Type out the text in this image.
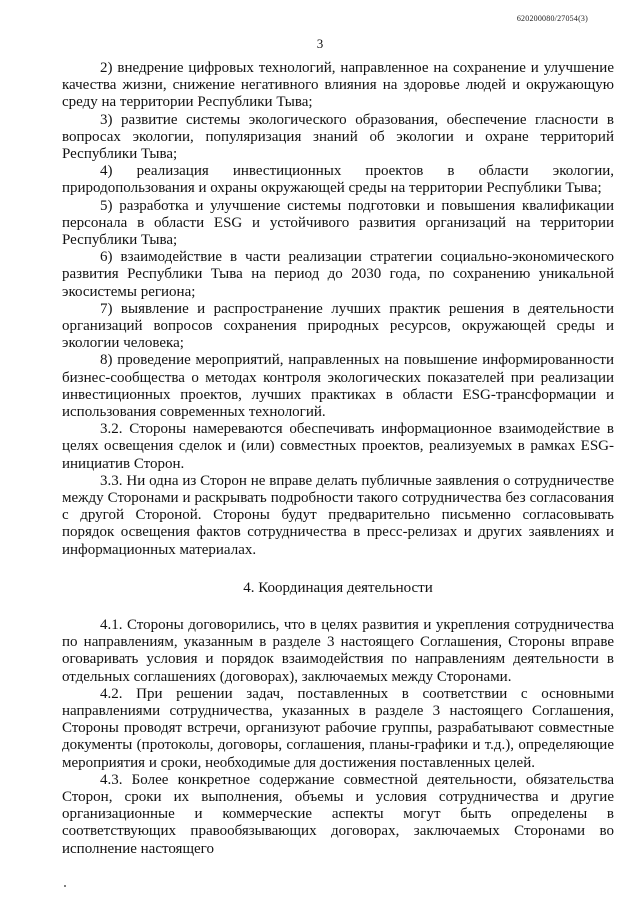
620200080/27054(3)
3

2) внедрение цифровых технологий, направленное на сохранение и улучшение качества жизни, снижение негативного влияния на здоровье людей и окружающую среду на территории Республики Тыва;

3) развитие системы экологического образования, обеспечение гласности в вопросах экологии, популяризация знаний об экологии и охране территорий Республики Тыва;

4) реализация инвестиционных проектов в области экологии, природопользования и охраны окружающей среды на территории Республики Тыва;

5) разработка и улучшение системы подготовки и повышения квалификации персонала в области ESG и устойчивого развития организаций на территории Республики Тыва;

6) взаимодействие в части реализации стратегии социально-экономического развития Республики Тыва на период до 2030 года, по сохранению уникальной экосистемы региона;

7) выявление и распространение лучших практик решения в деятельности организаций вопросов сохранения природных ресурсов, окружающей среды и экологии человека;

8) проведение мероприятий, направленных на повышение информированности бизнес-сообщества о методах контроля экологических показателей при реализации инвестиционных проектов, лучших практиках в области ESG-трансформации и использования современных технологий.

3.2. Стороны намереваются обеспечивать информационное взаимодействие в целях освещения сделок и (или) совместных проектов, реализуемых в рамках ESG-инициатив Сторон.

3.3. Ни одна из Сторон не вправе делать публичные заявления о сотрудничестве между Сторонами и раскрывать подробности такого сотрудничества без согласования с другой Стороной. Стороны будут предварительно письменно согласовывать порядок освещения фактов сотрудничества в пресс-релизах и других заявлениях и информационных материалах.

4. Координация деятельности

4.1. Стороны договорились, что в целях развития и укрепления сотрудничества по направлениям, указанным в разделе 3 настоящего Соглашения, Стороны вправе оговаривать условия и порядок взаимодействия по направлениям деятельности в отдельных соглашениях (договорах), заключаемых между Сторонами.

4.2. При решении задач, поставленных в соответствии с основными направлениями сотрудничества, указанных в разделе 3 настоящего Соглашения, Стороны проводят встречи, организуют рабочие группы, разрабатывают совместные документы (протоколы, договоры, соглашения, планы-графики и т.д.), определяющие мероприятия и сроки, необходимые для достижения поставленных целей.

4.3. Более конкретное содержание совместной деятельности, обязательства Сторон, сроки их выполнения, объемы и условия сотрудничества и другие организационные и коммерческие аспекты могут быть определены в соответствующих правообязывающих договорах, заключаемых Сторонами во исполнение настоящего
